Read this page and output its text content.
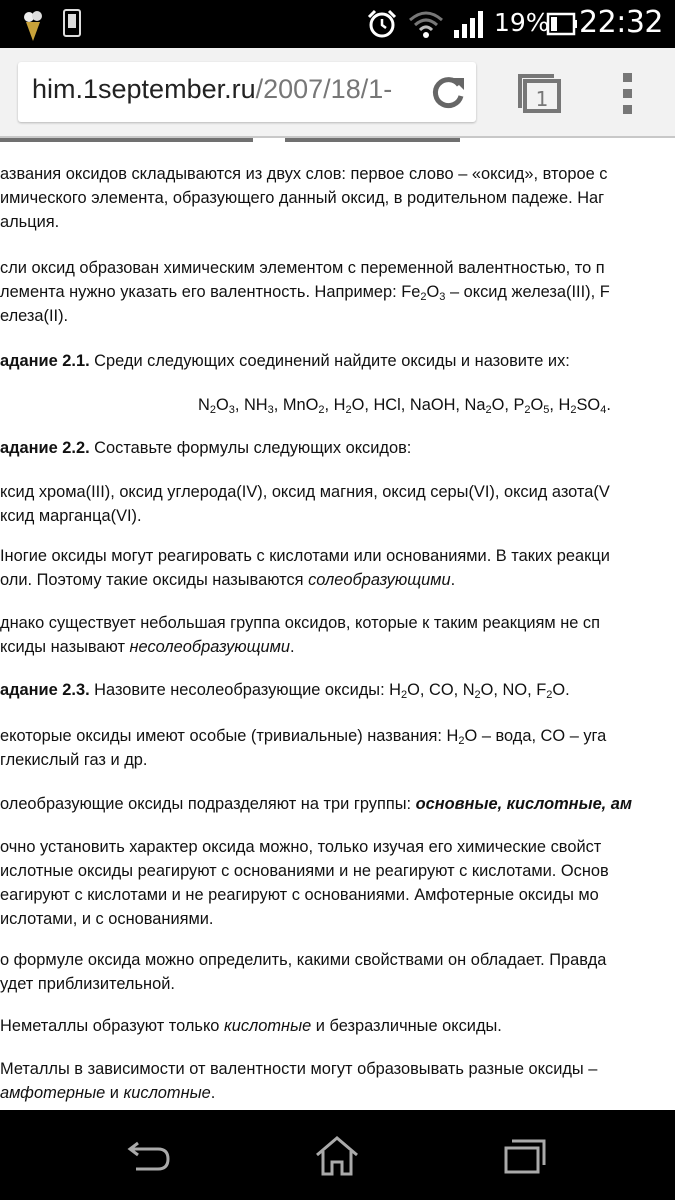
19% 22:32
him.1september.ru/2007/18/1-	1

азвания оксидов складываются из двух слов: первое слово – «оксид», второе с

имического элемента, образующего данный оксид, в родительном падеже. Наг

альция.

сли оксид образован химическим элементом с переменной валентностью, то п

лемента нужно указать его валентность. Например: $Fe_2O_3$ – оксид железа(III), F

елеза(II).

адание 2.1. Среди следующих соединений найдите оксиды и назовите их:

$N_2O_3$, $NH_3$, MnO$_2$, $H_2O$, HCl, NaOH, $Na_2O$, $P_2O_5$, $H_2SO_4$.

адание 2.2. Составьте формулы следующих оксидов:

ксид хрома(III), оксид углерода(IV), оксид магния, оксид серы(VI), оксид азота(V

ксид марганца(VI).

Іногие оксиды могут реагировать с кислотами или основаниями. В таких реакци

оли. Поэтому такие оксиды называются солеобразующими.

днако существует небольшая группа оксидов, которые к таким реакциям не сп

ксиды называют несолеобразующими.

адание 2.3. Назовите несолеобразующие оксиды: $H_2O$, CO, $N_2O$, NO, $F_2O$.

екоторые оксиды имеют особые (тривиальные) названия: $H_2O$ – вода, CO – уга

глекислый газ и др.

олеобразующие оксиды подразделяют на три группы: основные, кислотные, ам

очно установить характер оксида можно, только изучая его химические свойст

ислотные оксиды реагируют с основаниями и не реагируют с кислотами. Основ

еагируют с кислотами и не реагируют с основаниями. Амфотерные оксиды мо

ислотами, и с основаниями.

о формуле оксида можно определить, какими свойствами он обладает. Правда

удет приблизительной.

Неметаллы образуют только кислотные и безразличные оксиды.

Металлы в зависимости от валентности могут образовывать разные оксиды –

амфотерные и кислотные.
